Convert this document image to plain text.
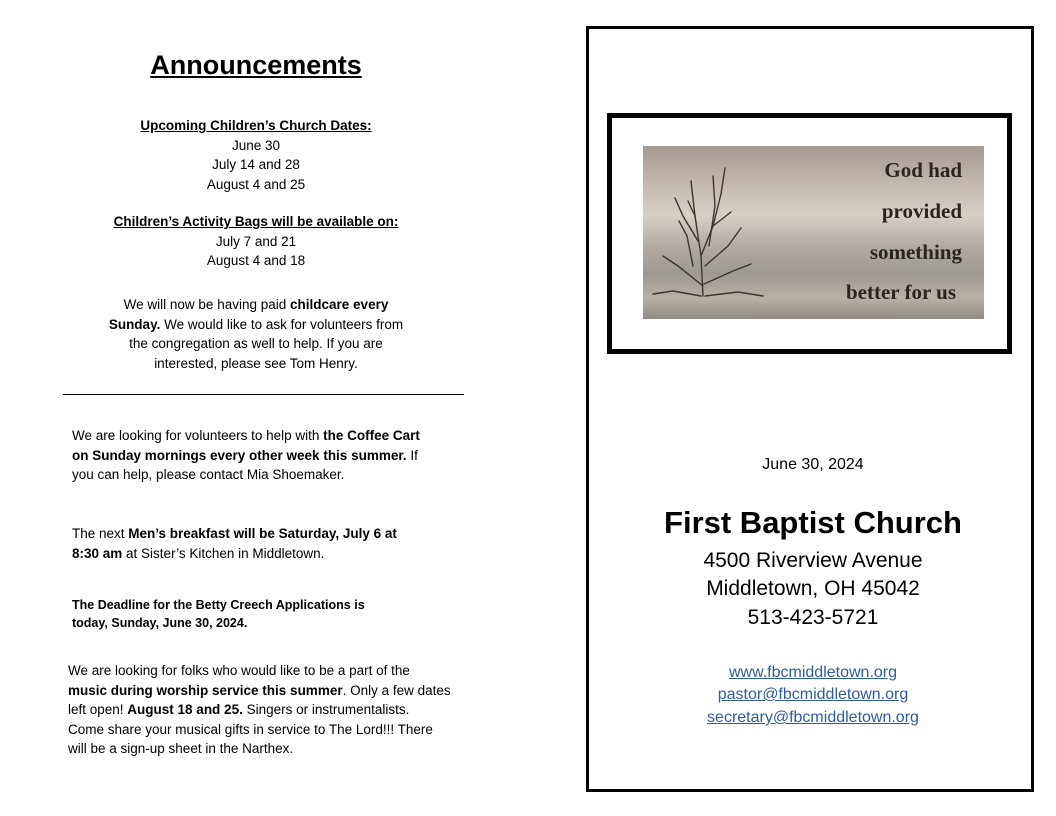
Announcements
Upcoming Children’s Church Dates:
June 30
July 14 and 28
August 4 and 25
Children’s Activity Bags will be available on:
July 7 and 21
August 4 and 18
We will now be having paid childcare every
Sunday. We would like to ask for volunteers from
the congregation as well to help. If you are
interested, please see Tom Henry.
We are looking for volunteers to help with the Coffee Cart
on Sunday mornings every other week this summer. If
you can help, please contact Mia Shoemaker.
The next Men’s breakfast will be Saturday, July 6 at
8:30 am at Sister’s Kitchen in Middletown.
The Deadline for the Betty Creech Applications is
today, Sunday, June 30, 2024.
We are looking for folks who would like to be a part of the
music during worship service this summer. Only a few dates
left open! August 18 and 25. Singers or instrumentalists.
Come share your musical gifts in service to The Lord!!! There
will be a sign-up sheet in the Narthex.
God had
provided
something
better for us
June 30, 2024
First Baptist Church
4500 Riverview Avenue
Middletown, OH 45042
513-423-5721
www.fbcmiddletown.org
pastor@fbcmiddletown.org
secretary@fbcmiddletown.org
